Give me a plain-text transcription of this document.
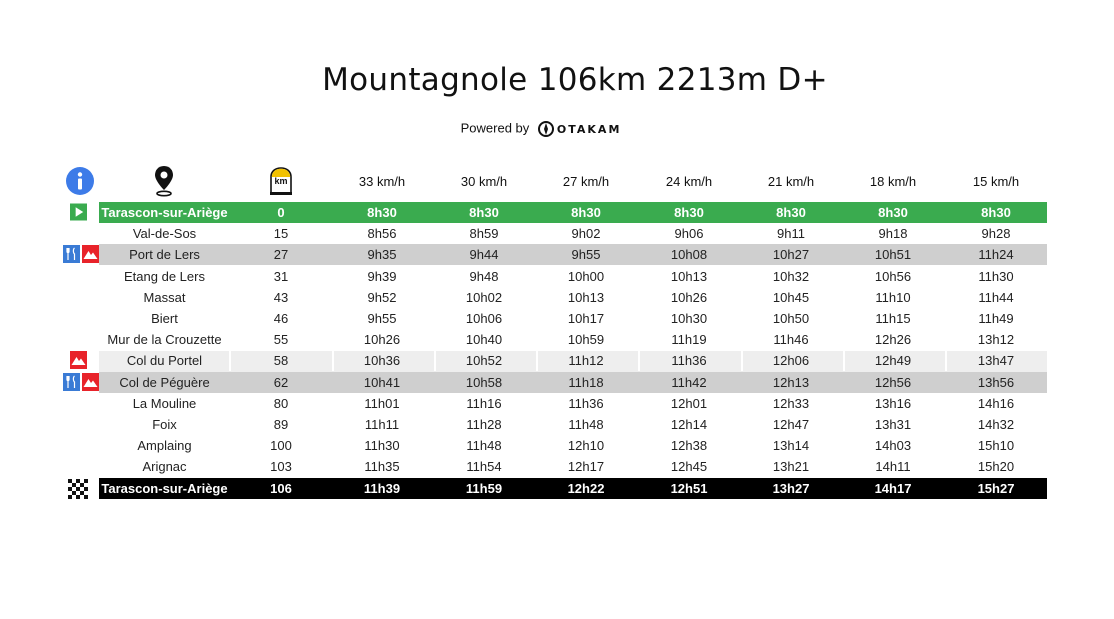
Mountagnole 106km 2213m D+
Powered by	OTAKAM
km	33 km/h	30 km/h	27 km/h	24 km/h	21 km/h	18 km/h	15 km/h
Tarascon-sur-Ariège	0	8h30	8h30	8h30	8h30	8h30	8h30	8h30
Val-de-Sos	15	8h56	8h59	9h02	9h06	9h11	9h18	9h28
Port de Lers	27	9h35	9h44	9h55	10h08	10h27	10h51	11h24
Etang de Lers	31	9h39	9h48	10h00	10h13	10h32	10h56	11h30
Massat	43	9h52	10h02	10h13	10h26	10h45	11h10	11h44
Biert	46	9h55	10h06	10h17	10h30	10h50	11h15	11h49
Mur de la Crouzette	55	10h26	10h40	10h59	11h19	11h46	12h26	13h12
Col du Portel	58	10h36	10h52	11h12	11h36	12h06	12h49	13h47
Col de Péguère	62	10h41	10h58	11h18	11h42	12h13	12h56	13h56
La Mouline	80	11h01	11h16	11h36	12h01	12h33	13h16	14h16
Foix	89	11h11	11h28	11h48	12h14	12h47	13h31	14h32
Amplaing	100	11h30	11h48	12h10	12h38	13h14	14h03	15h10
Arignac	103	11h35	11h54	12h17	12h45	13h21	14h11	15h20
Tarascon-sur-Ariège	106	11h39	11h59	12h22	12h51	13h27	14h17	15h27
